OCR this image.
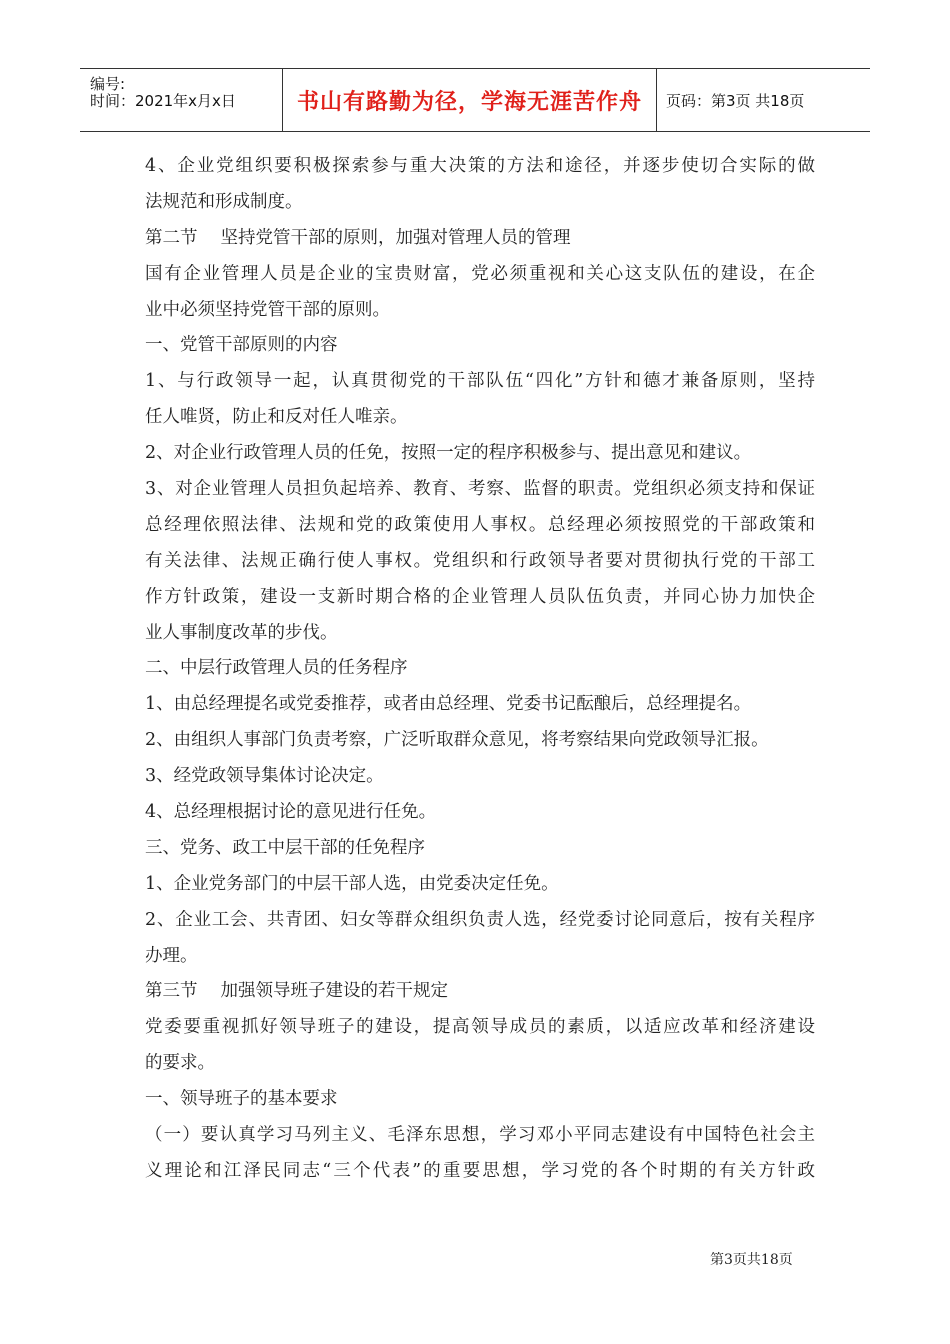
编号:
时间：2021年x月x日	书山有路勤为径，学海无涯苦作舟 页码：第3页 共18页
4、企业党组织要积极探索参与重大决策的方法和途径，并逐步使切合实际的做
法规范和形成制度。
第二节　 坚持党管干部的原则，加强对管理人员的管理
国有企业管理人员是企业的宝贵财富，党必须重视和关心这支队伍的建设，在企
业中必须坚持党管干部的原则。
一、党管干部原则的内容
1、与行政领导一起，认真贯彻党的干部队伍“四化”方针和德才兼备原则，坚持
任人唯贤，防止和反对任人唯亲。
2、对企业行政管理人员的任免，按照一定的程序积极参与、提出意见和建议。
3、对企业管理人员担负起培养、教育、考察、监督的职责。党组织必须支持和保证
总经理依照法律、法规和党的政策使用人事权。总经理必须按照党的干部政策和
有关法律、法规正确行使人事权。党组织和行政领导者要对贯彻执行党的干部工
作方针政策，建设一支新时期合格的企业管理人员队伍负责，并同心协力加快企
业人事制度改革的步伐。
二、中层行政管理人员的任务程序
1、由总经理提名或党委推荐，或者由总经理、党委书记酝酿后，总经理提名。
2、由组织人事部门负责考察，广泛听取群众意见，将考察结果向党政领导汇报。
3、经党政领导集体讨论决定。
4、总经理根据讨论的意见进行任免。
三、党务、政工中层干部的任免程序
1、企业党务部门的中层干部人选，由党委决定任免。
2、企业工会、共青团、妇女等群众组织负责人选，经党委讨论同意后，按有关程序
办理。
第三节　 加强领导班子建设的若干规定
党委要重视抓好领导班子的建设，提高领导成员的素质，以适应改革和经济建设
的要求。
一、领导班子的基本要求
（一）要认真学习马列主义、毛泽东思想，学习邓小平同志建设有中国特色社会主
义理论和江泽民同志“三个代表”的重要思想，学习党的各个时期的有关方针政
第3页共18页
